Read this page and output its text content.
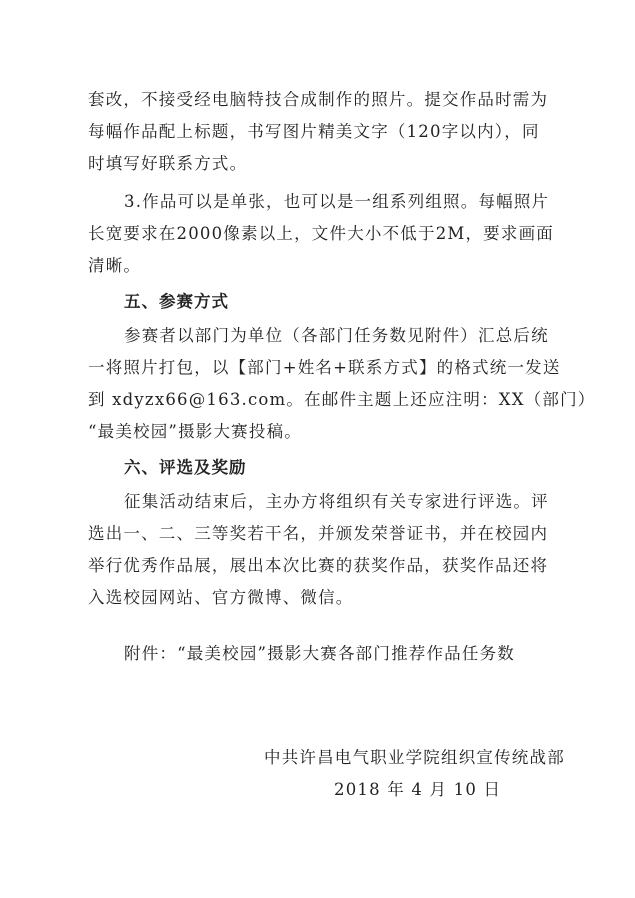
套改，不接受经电脑特技合成制作的照片。提交作品时需为
每幅作品配上标题，书写图片精美文字（120字以内），同
时填写好联系方式。
3.作品可以是单张，也可以是一组系列组照。每幅照片
长宽要求在2000像素以上，文件大小不低于2M，要求画面
清晰。
五、参赛方式
参赛者以部门为单位（各部门任务数见附件）汇总后统
一将照片打包，以【部门+姓名+联系方式】的格式统一发送
到 xdyzx66@163.com。在邮件主题上还应注明：XX（部门）
“最美校园”摄影大赛投稿。
六、评选及奖励
征集活动结束后，主办方将组织有关专家进行评选。评
选出一、二、三等奖若干名，并颁发荣誉证书，并在校园内
举行优秀作品展，展出本次比赛的获奖作品，获奖作品还将
入选校园网站、官方微博、微信。
附件：“最美校园”摄影大赛各部门推荐作品任务数
中共许昌电气职业学院组织宣传统战部
2018 年 4 月 10 日
